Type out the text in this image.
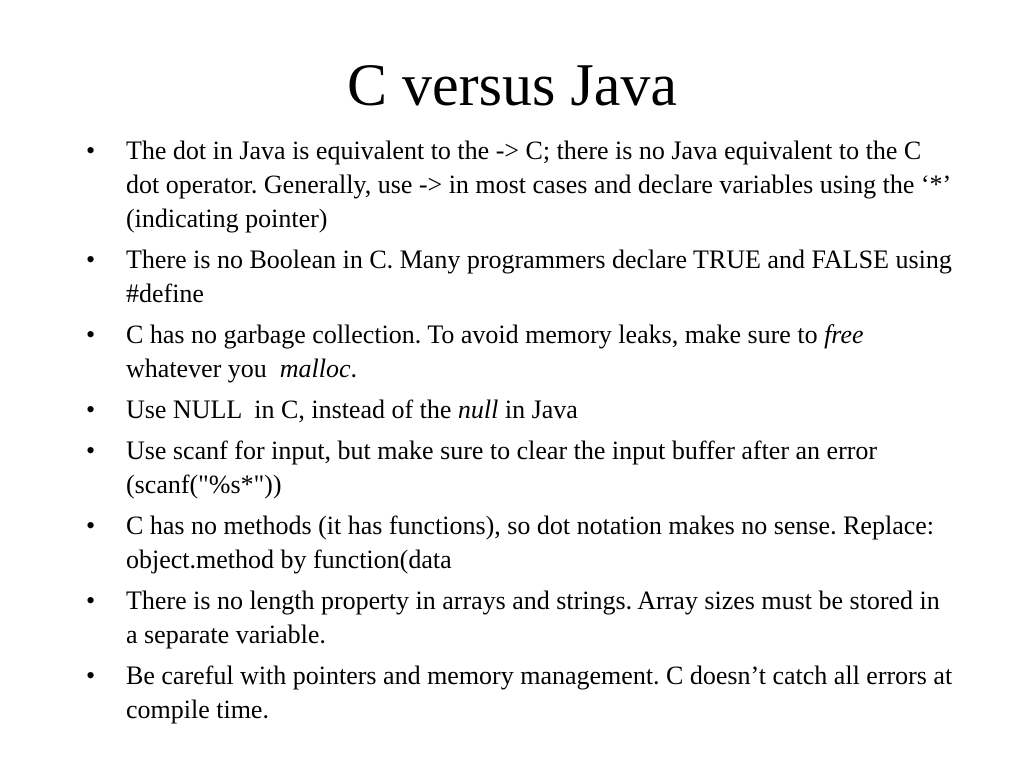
C versus Java
•	The dot in Java is equivalent to the -> C; there is no Java equivalent to the C dot operator. Generally, use -> in most cases and declare variables using the ‘*’ (indicating pointer)
•	There is no Boolean in C. Many programmers declare TRUE and FALSE using #define
•	C has no garbage collection. To avoid memory leaks, make sure to free whatever you  malloc.
•	Use NULL  in C, instead of the null in Java
•	Use scanf for input, but make sure to clear the input buffer after an error (scanf("%s*"))
•	C has no methods (it has functions), so dot notation makes no sense. Replace: object.method by function(data
•	There is no length property in arrays and strings. Array sizes must be stored in a separate variable.
•	Be careful with pointers and memory management. C doesn’t catch all errors at compile time.
